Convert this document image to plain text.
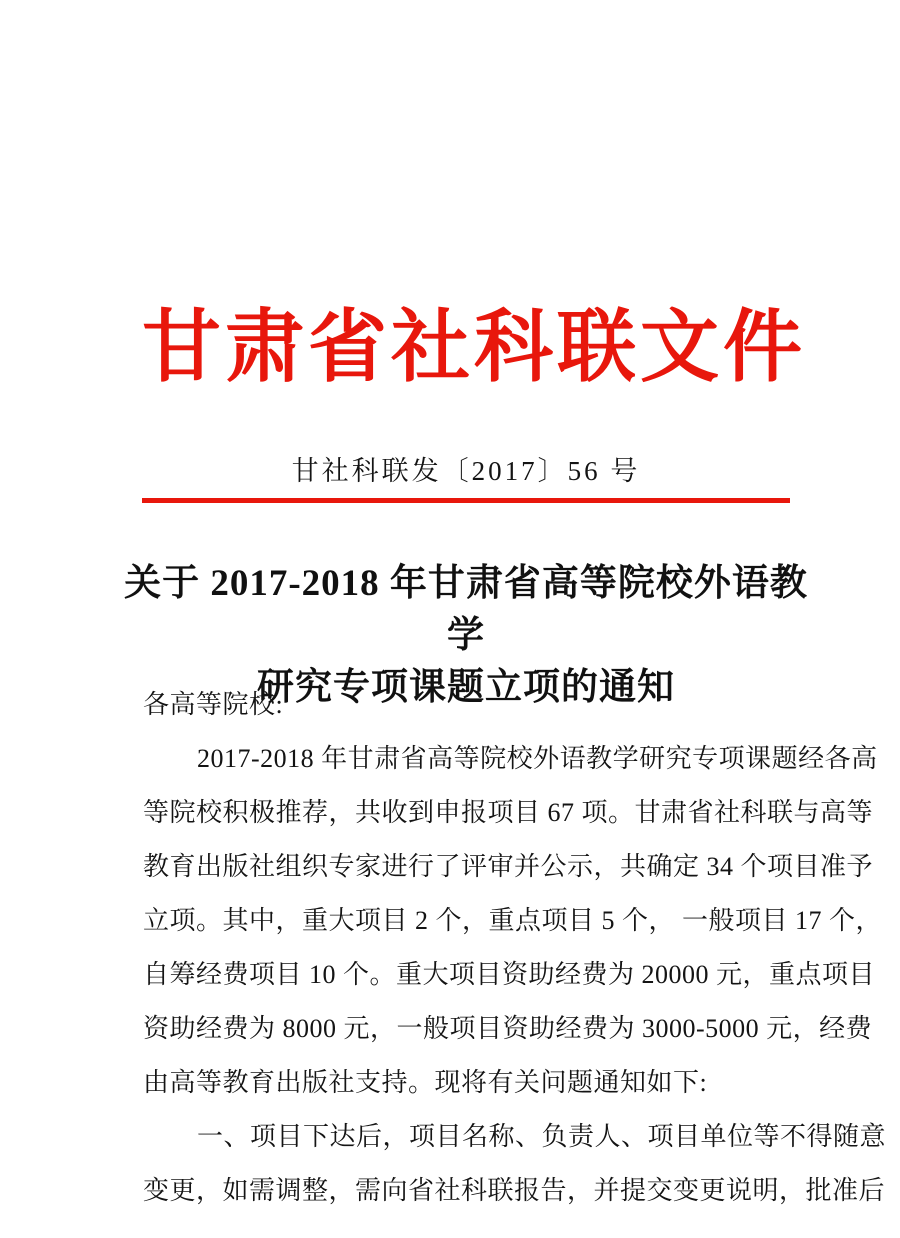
甘肃省社科联文件
甘社科联发〔2017〕56 号
关于 2017-2018 年甘肃省高等院校外语教学
研究专项课题立项的通知
各高等院校:
2017-2018 年甘肃省高等院校外语教学研究专项课题经各高
等院校积极推荐，共收到申报项目 67 项。甘肃省社科联与高等
教育出版社组织专家进行了评审并公示，共确定 34 个项目准予
立项。其中，重大项目 2 个，重点项目 5 个， 一般项目 17 个，
自筹经费项目 10 个。重大项目资助经费为 20000 元，重点项目
资助经费为 8000 元，一般项目资助经费为 3000-5000 元，经费
由高等教育出版社支持。现将有关问题通知如下:
一、项目下达后，项目名称、负责人、项目单位等不得随意
变更，如需调整，需向省社科联报告，并提交变更说明，批准后
